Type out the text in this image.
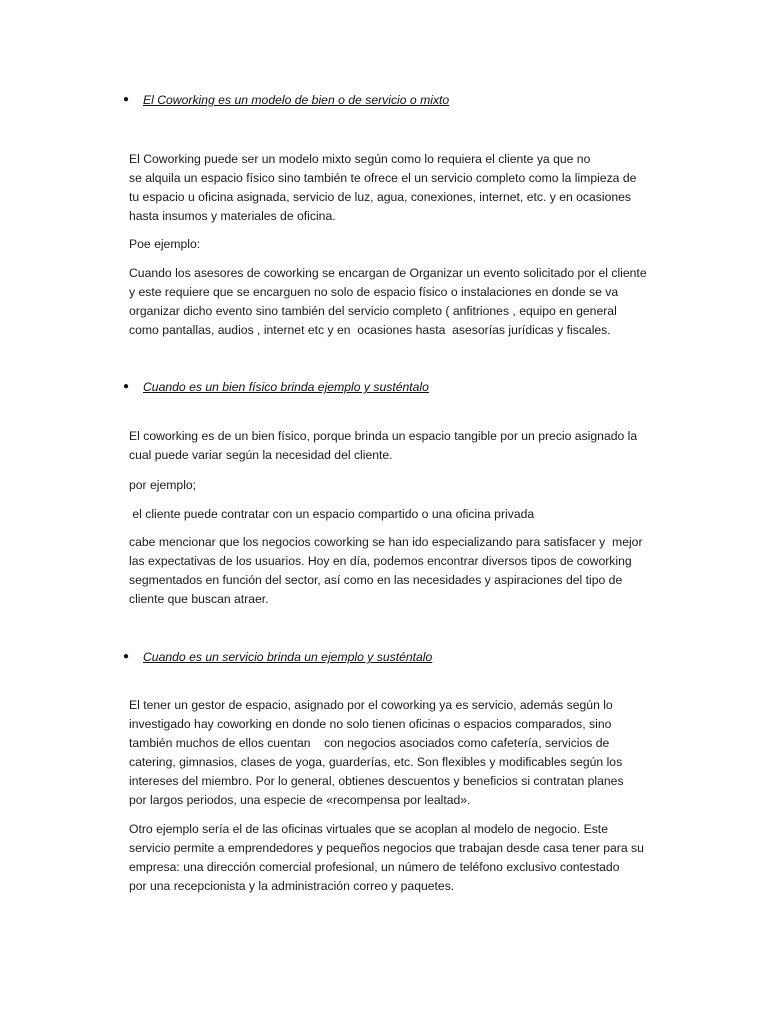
●	El Coworking es un modelo de bien o de servicio o mixto
El Coworking puede ser un modelo mixto según como lo requiera el cliente ya que no
se alquila un espacio físico sino también te ofrece el un servicio completo como la limpieza de
tu espacio u oficina asignada, servicio de luz, agua, conexiones, internet, etc. y en ocasiones
hasta insumos y materiales de oficina.
Poe ejemplo:
Cuando los asesores de coworking se encargan de Organizar un evento solicitado por el cliente
y este requiere que se encarguen no solo de espacio físico o instalaciones en donde se va
organizar dicho evento sino también del servicio completo ( anfitriones , equipo en general
como pantallas, audios , internet etc y en  ocasiones hasta  asesorías jurídicas y fiscales.
●	Cuando es un bien físico brinda ejemplo y susténtalo
El coworking es de un bien físico, porque brinda un espacio tangible por un precio asignado la
cual puede variar según la necesidad del cliente.
por ejemplo;
el cliente puede contratar con un espacio compartido o una oficina privada
cabe mencionar que los negocios coworking se han ido especializando para satisfacer y  mejor
las expectativas de los usuarios. Hoy en día, podemos encontrar diversos tipos de coworking
segmentados en función del sector, así como en las necesidades y aspiraciones del tipo de
cliente que buscan atraer.
●	Cuando es un servicio brinda un ejemplo y susténtalo
El tener un gestor de espacio, asignado por el coworking ya es servicio, además según lo
investigado hay coworking en donde no solo tienen oficinas o espacios comparados, sino
también muchos de ellos cuentan    con negocios asociados como cafetería, servicios de
catering, gimnasios, clases de yoga, guarderías, etc. Son flexibles y modificables según los
intereses del miembro. Por lo general, obtienes descuentos y beneficios si contratan planes
por largos periodos, una especie de «recompensa por lealtad».
Otro ejemplo sería el de las oficinas virtuales que se acoplan al modelo de negocio. Este
servicio permite a emprendedores y pequeños negocios que trabajan desde casa tener para su
empresa: una dirección comercial profesional, un número de teléfono exclusivo contestado
por una recepcionista y la administración correo y paquetes.
